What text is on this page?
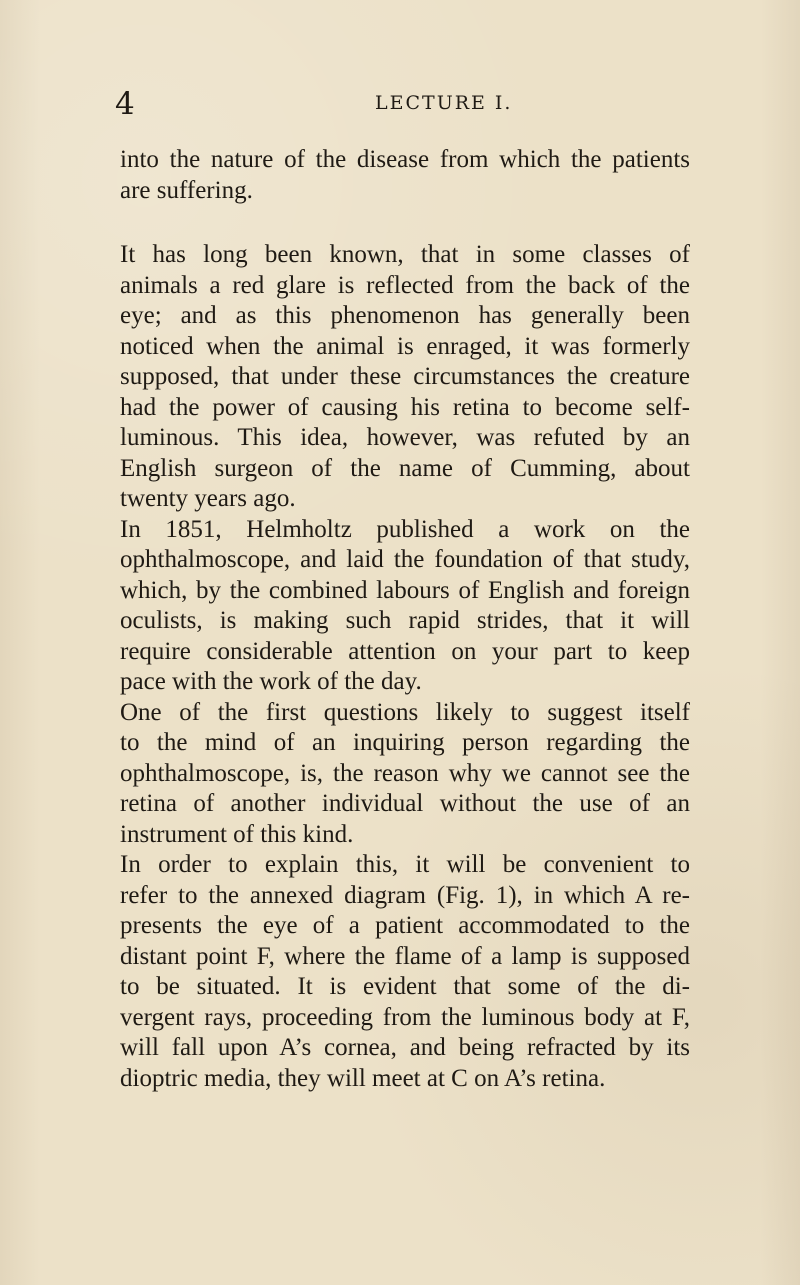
4	LECTURE I.

into the nature of the disease from which the patients
are suffering.

It has long been known, that in some classes of
animals a red glare is reflected from the back of the
eye; and as this phenomenon has generally been
noticed when the animal is enraged, it was formerly
supposed, that under these circumstances the creature
had the power of causing his retina to become self-
luminous. This idea, however, was refuted by an
English surgeon of the name of Cumming, about
twenty years ago.

In 1851, Helmholtz published a work on the
ophthalmoscope, and laid the foundation of that study,
which, by the combined labours of English and foreign
oculists, is making such rapid strides, that it will
require considerable attention on your part to keep
pace with the work of the day.

One of the first questions likely to suggest itself
to the mind of an inquiring person regarding the
ophthalmoscope, is, the reason why we cannot see the
retina of another individual without the use of an
instrument of this kind.

In order to explain this, it will be convenient to
refer to the annexed diagram (Fig. 1), in which A re-
presents the eye of a patient accommodated to the
distant point F, where the flame of a lamp is supposed
to be situated. It is evident that some of the di-
vergent rays, proceeding from the luminous body at F,
will fall upon A’s cornea, and being refracted by its
dioptric media, they will meet at C on A’s retina.
